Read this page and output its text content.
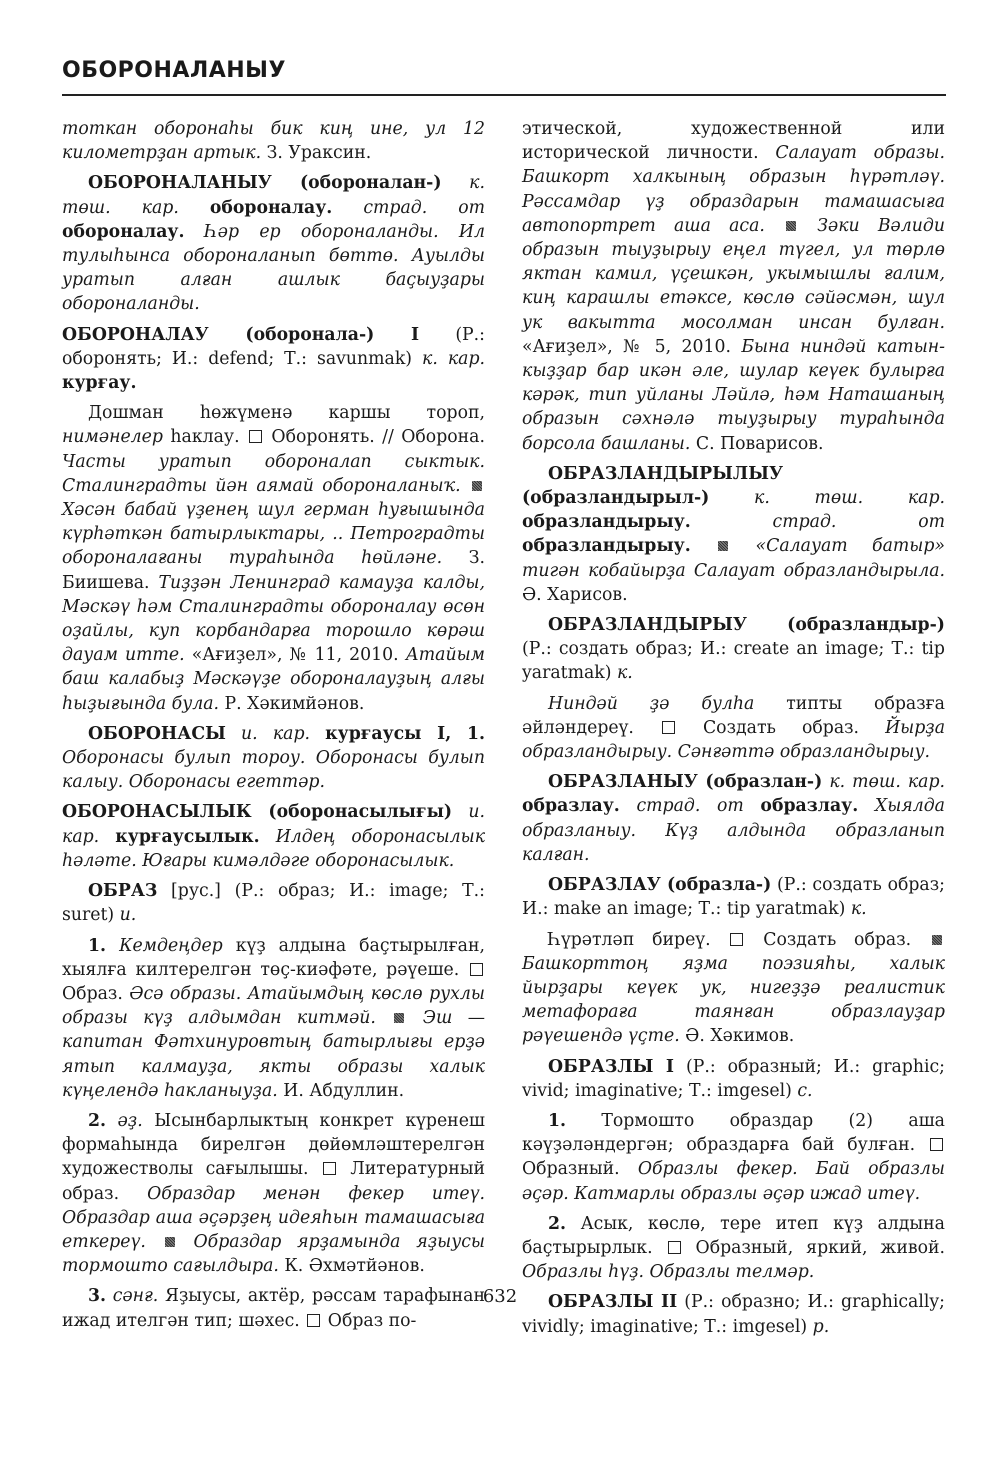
ОБОРОНАЛАНЫУ

тоткан оборонаһы бик киң ине, ул 12 километрҙан артык. З. Ураксин.

ОБОРОНАЛАНЫУ (обороналан-) к. төш. кар. обороналау. страд. от обороналау. Һәр ер обороналанды. Ил тулыһынса обороналанып бөттө. Ауылды уратып алған ашлык баҫыуҙары обороналанды.

ОБОРОНАЛАУ (оборонала-) I (Р.: оборонять; И.: defend; Т.: savunmak) к. кар. курғау.

Дошман һөжүменә каршы тороп, нимәнелер һаклау.  Оборонять. // Оборона. Часты уратып обороналап сыктык. Сталинградты йән аямай обороналаныҡ.  Хәсән бабай үҙенең шул герман һуғышында күрһәткән батырлыктары, .. Петроградты обороналағаны тураһында һөйләне. З. Биишева. Тиҙҙән Ленинград камауҙа калды, Мәскәү һәм Сталинградты обороналау өсөн оҙайлы, куп корбандарға торошло көрәш дауам итте. «Ағиҙел», № 11, 2010. Атайым баш калабыҙ Мәскәүҙе обороналауҙың алғы һыҙығында була. Р. Хәкимйәнов.

ОБОРОНАСЫ и. кар. курғаусы I, 1. Оборонасы булып тороу. Оборонасы булып калыу. Оборонасы егеттәр.

ОБОРОНАСЫЛЫК (оборонасылығы) и. кар. курғаусылык. Илдең оборонасылык һәләте. Юғары кимәлдәге оборонасылык.

ОБРАЗ [рус.] (Р.: образ; И.: image; Т.: suret) и.

1. Кемдеңдер күҙ алдына баҫтырылған, хыялға килтерелгән төҫ-киәфәте, рәүеше.  Образ. Әсә образы. Атайымдың көслө рухлы образы күҙ алдымдан китмәй.	Эш — капитан Фәтхинуровтың батырлығы ерҙә ятып калмауҙа, якты образы халык күңелендә һакланыуҙа. И. Абдуллин.

2. әҙ. Ысынбарлыктың конкрет күренеш формаһында бирелгән дөйөмләштерелгән художестволы сағылышы.  Литературный образ. Образдар менән фекер итеү. Образдар аша әҫәрҙең идеяһын тамашасыға еткереү.	Образдар ярҙамында яҙыусы тормошто сағылдыра. К. Әхмәтйәнов.

3. сәнғ. Яҙыусы, актёр, рәссам тарафынан ижад ителгән тип; шәхес.  Образ по-

этической, художественной или исторической личности. Салауат образы. Башкорт халкының образын һүрәтләү. Рәссамдар үҙ образдарын тамашасыға автопортрет аша аса.	Зәки Вәлиди образын тыуҙырыу еңел түгел, ул төрлө яктан камил, үҫешкән, укымышлы ғалим, киң карашлы етәксе, көслө сәйәсмән, шул ук вакытта мосолман инсан булған. «Ағиҙел», № 5, 2010. Бына ниндәй катын-кыҙҙар бар икән әле, шулар кеүек булырға кәрәк, тип уйланы Ләйлә, һәм Наташаның образын сәхнәлә тыуҙырыу тураһында борсола башланы. С. Поварисов.

ОБРАЗЛАНДЫРЫЛЫУ (образландырыл-)	к. төш. кар. образландырыу.	страд. от образландырыу.	«Салауат батыр» тигән кобайырҙа Салауат образландырыла. Ә. Харисов.

ОБРАЗЛАНДЫРЫУ (образландыр-) (Р.: создать образ; И.: create an image; Т.: tip yaratmak) к.

Ниндәй ҙә булһа типты образға әйләндереү.  Создать образ. Йырҙа образландырыу. Сәнғәттә образландырыу.

ОБРАЗЛАНЫУ (образлан-) к. төш. кар. образлау. страд. от образлау. Хыялда образланыу. Күҙ алдында образланып калған.

ОБРАЗЛАУ (образла-) (Р.: создать образ; И.: make an image; Т.: tip yaratmak) к.

Һүрәтләп биреү.  Создать образ.  Башкорттоң яҙма поэзияһы, халык йырҙары кеүек ук, нигеҙҙә реалистик метафораға таянған образлауҙар рәүешендә үҫте. Ә. Хәкимов.

ОБРАЗЛЫ I (Р.: образный; И.: graphic; vivid; imaginative; Т.: imgesel) с.

1. Тормошто образдар (2) аша кәүҙәләндергән; образдарға бай булған.  Образный. Образлы фекер. Бай образлы әҫәр. Катмарлы образлы әҫәр ижад итеү.

2. Асык, көслө, тере итеп күҙ алдына баҫтырырлык.  Образный, яркий, живой. Образлы һүҙ. Образлы телмәр.

ОБРАЗЛЫ II (Р.: образно; И.: graphically; vividly; imaginative; Т.: imgesel) р.

632
